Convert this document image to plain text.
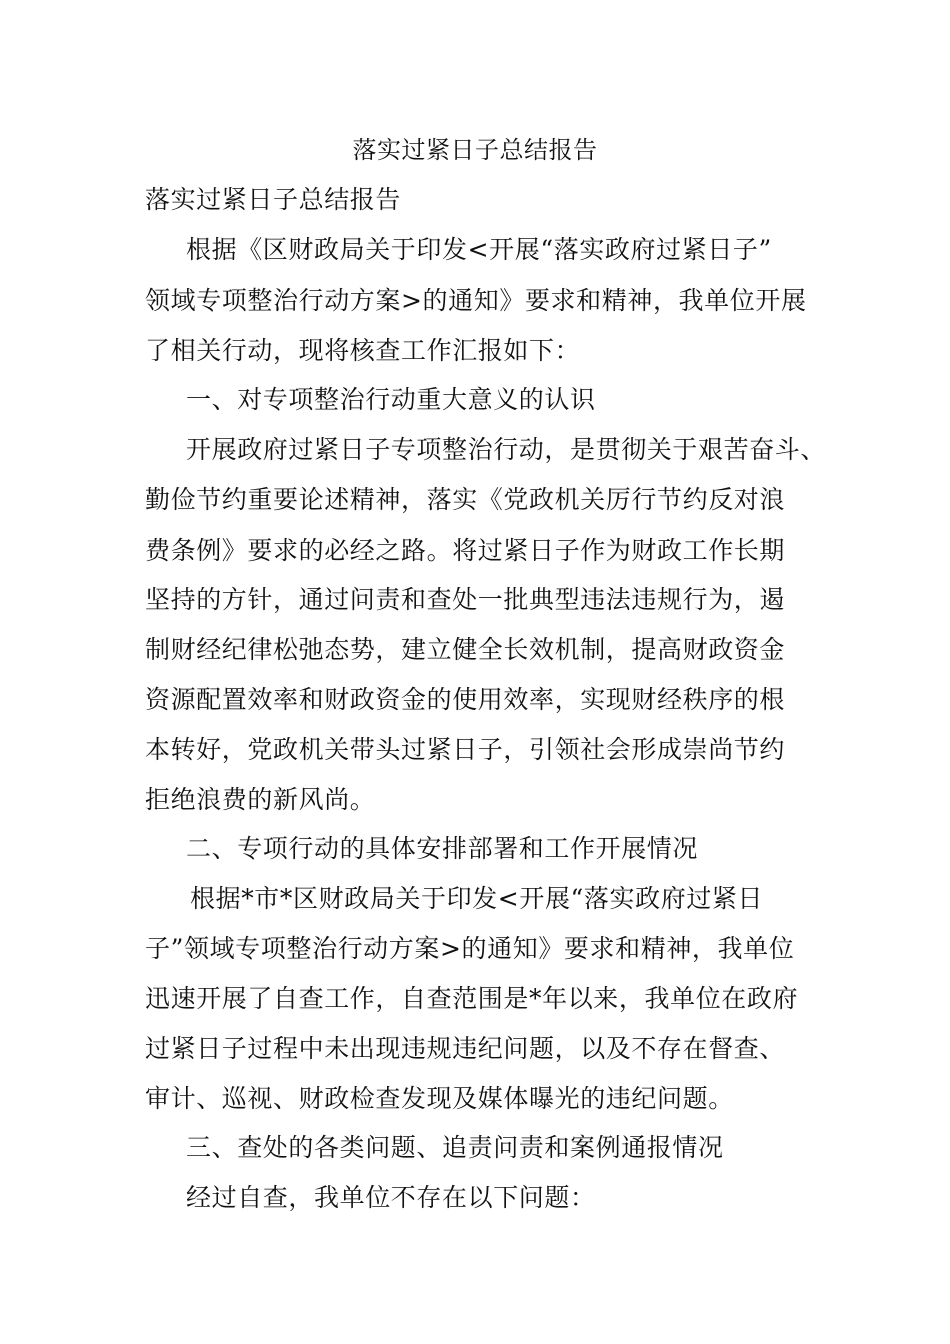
落实过紧日子总结报告
落实过紧日子总结报告
根据《区财政局关于印发<开展“落实政府过紧日子”
领域专项整治行动方案>的通知》要求和精神，我单位开展
了相关行动，现将核查工作汇报如下：
一、对专项整治行动重大意义的认识
开展政府过紧日子专项整治行动，是贯彻关于艰苦奋斗、
勤俭节约重要论述精神，落实《党政机关厉行节约反对浪
费条例》要求的必经之路。将过紧日子作为财政工作长期
坚持的方针，通过问责和查处一批典型违法违规行为，遏
制财经纪律松弛态势，建立健全长效机制，提高财政资金
资源配置效率和财政资金的使用效率，实现财经秩序的根
本转好，党政机关带头过紧日子，引领社会形成崇尚节约
拒绝浪费的新风尚。
二、专项行动的具体安排部署和工作开展情况
根据*市*区财政局关于印发<开展“落实政府过紧日
子”领域专项整治行动方案>的通知》要求和精神，我单位
迅速开展了自查工作，自查范围是*年以来，我单位在政府
过紧日子过程中未出现违规违纪问题，以及不存在督查、
审计、巡视、财政检查发现及媒体曝光的违纪问题。
三、查处的各类问题、追责问责和案例通报情况
经过自查，我单位不存在以下问题：
